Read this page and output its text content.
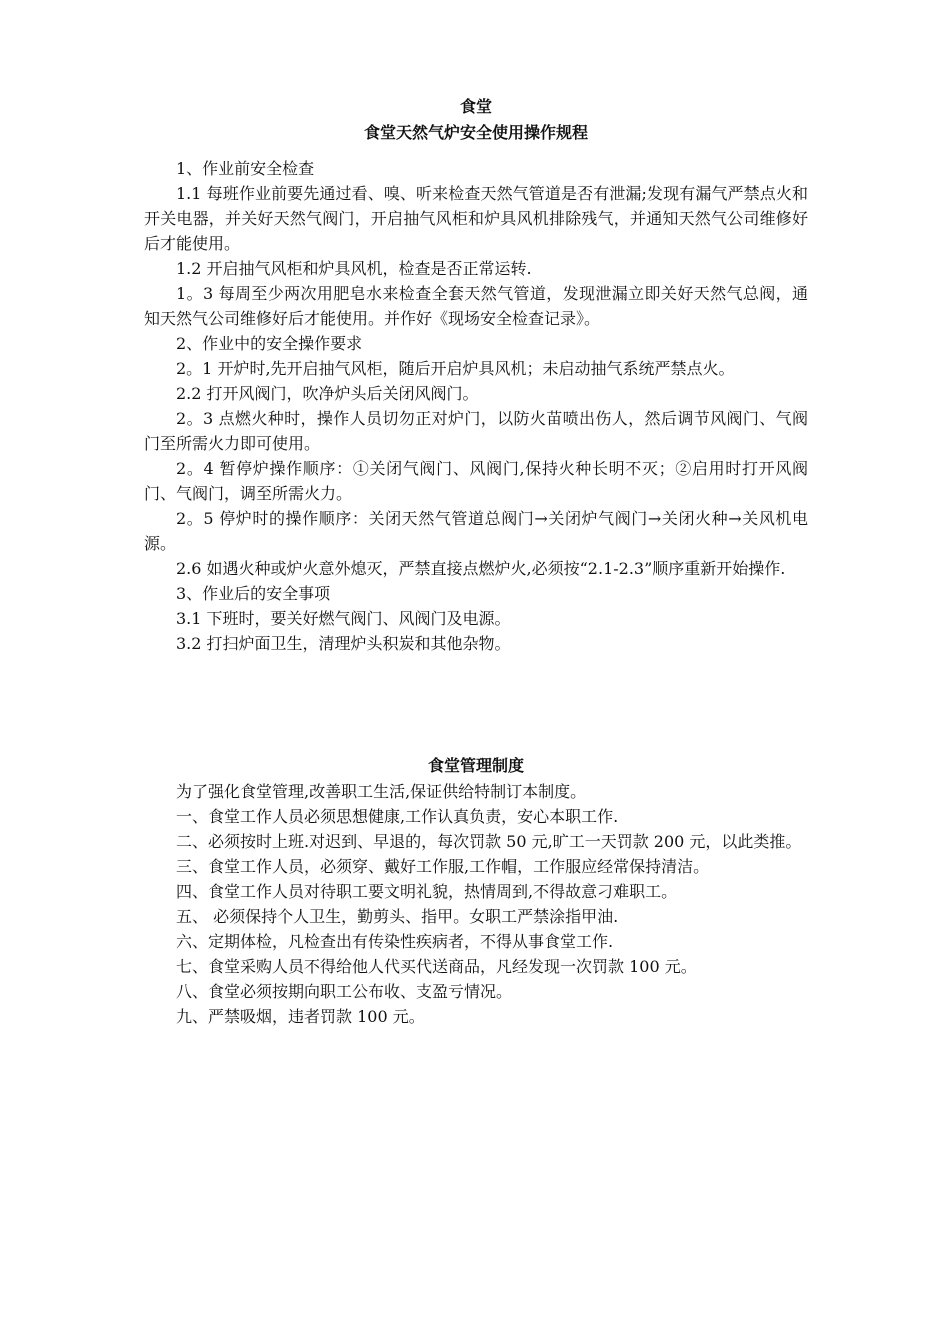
食堂
食堂天然气炉安全使用操作规程

1、作业前安全检查

1.1 每班作业前要先通过看、嗅、听来检查天然气管道是否有泄漏;发现有漏气严禁点火和开关电器，并关好天然气阀门，开启抽气风柜和炉具风机排除残气，并通知天然气公司维修好后才能使用。

1.2 开启抽气风柜和炉具风机，检查是否正常运转.

1。3 每周至少两次用肥皂水来检查全套天然气管道，发现泄漏立即关好天然气总阀，通知天然气公司维修好后才能使用。并作好《现场安全检查记录》。

2、作业中的安全操作要求

2。1 开炉时,先开启抽气风柜，随后开启炉具风机；未启动抽气系统严禁点火。

2.2 打开风阀门，吹净炉头后关闭风阀门。

2。3 点燃火种时，操作人员切勿正对炉门，以防火苗喷出伤人，然后调节风阀门、气阀门至所需火力即可使用。

2。4 暂停炉操作顺序：①关闭气阀门、风阀门,保持火种长明不灭；②启用时打开风阀门、气阀门，调至所需火力。

2。5 停炉时的操作顺序：关闭天然气管道总阀门→关闭炉气阀门→关闭火种→关风机电源。

2.6 如遇火种或炉火意外熄灭，严禁直接点燃炉火,必须按“2.1-2.3”顺序重新开始操作.

3、作业后的安全事项

3.1 下班时，要关好燃气阀门、风阀门及电源。

3.2 打扫炉面卫生，清理炉头积炭和其他杂物。

食堂管理制度

为了强化食堂管理,改善职工生活,保证供给特制订本制度。

一、食堂工作人员必须思想健康,工作认真负责，安心本职工作.

二、必须按时上班.对迟到、早退的，每次罚款 50 元,旷工一天罚款 200 元，以此类推。

三、食堂工作人员，必须穿、戴好工作服,工作帽，工作服应经常保持清洁。

四、食堂工作人员对待职工要文明礼貌，热情周到,不得故意刁难职工。

五、 必须保持个人卫生，勤剪头、指甲。女职工严禁涂指甲油.

六、定期体检，凡检查出有传染性疾病者，不得从事食堂工作.

七、食堂采购人员不得给他人代买代送商品，凡经发现一次罚款 100 元。

八、食堂必须按期向职工公布收、支盈亏情况。

九、严禁吸烟，违者罚款 100 元。
